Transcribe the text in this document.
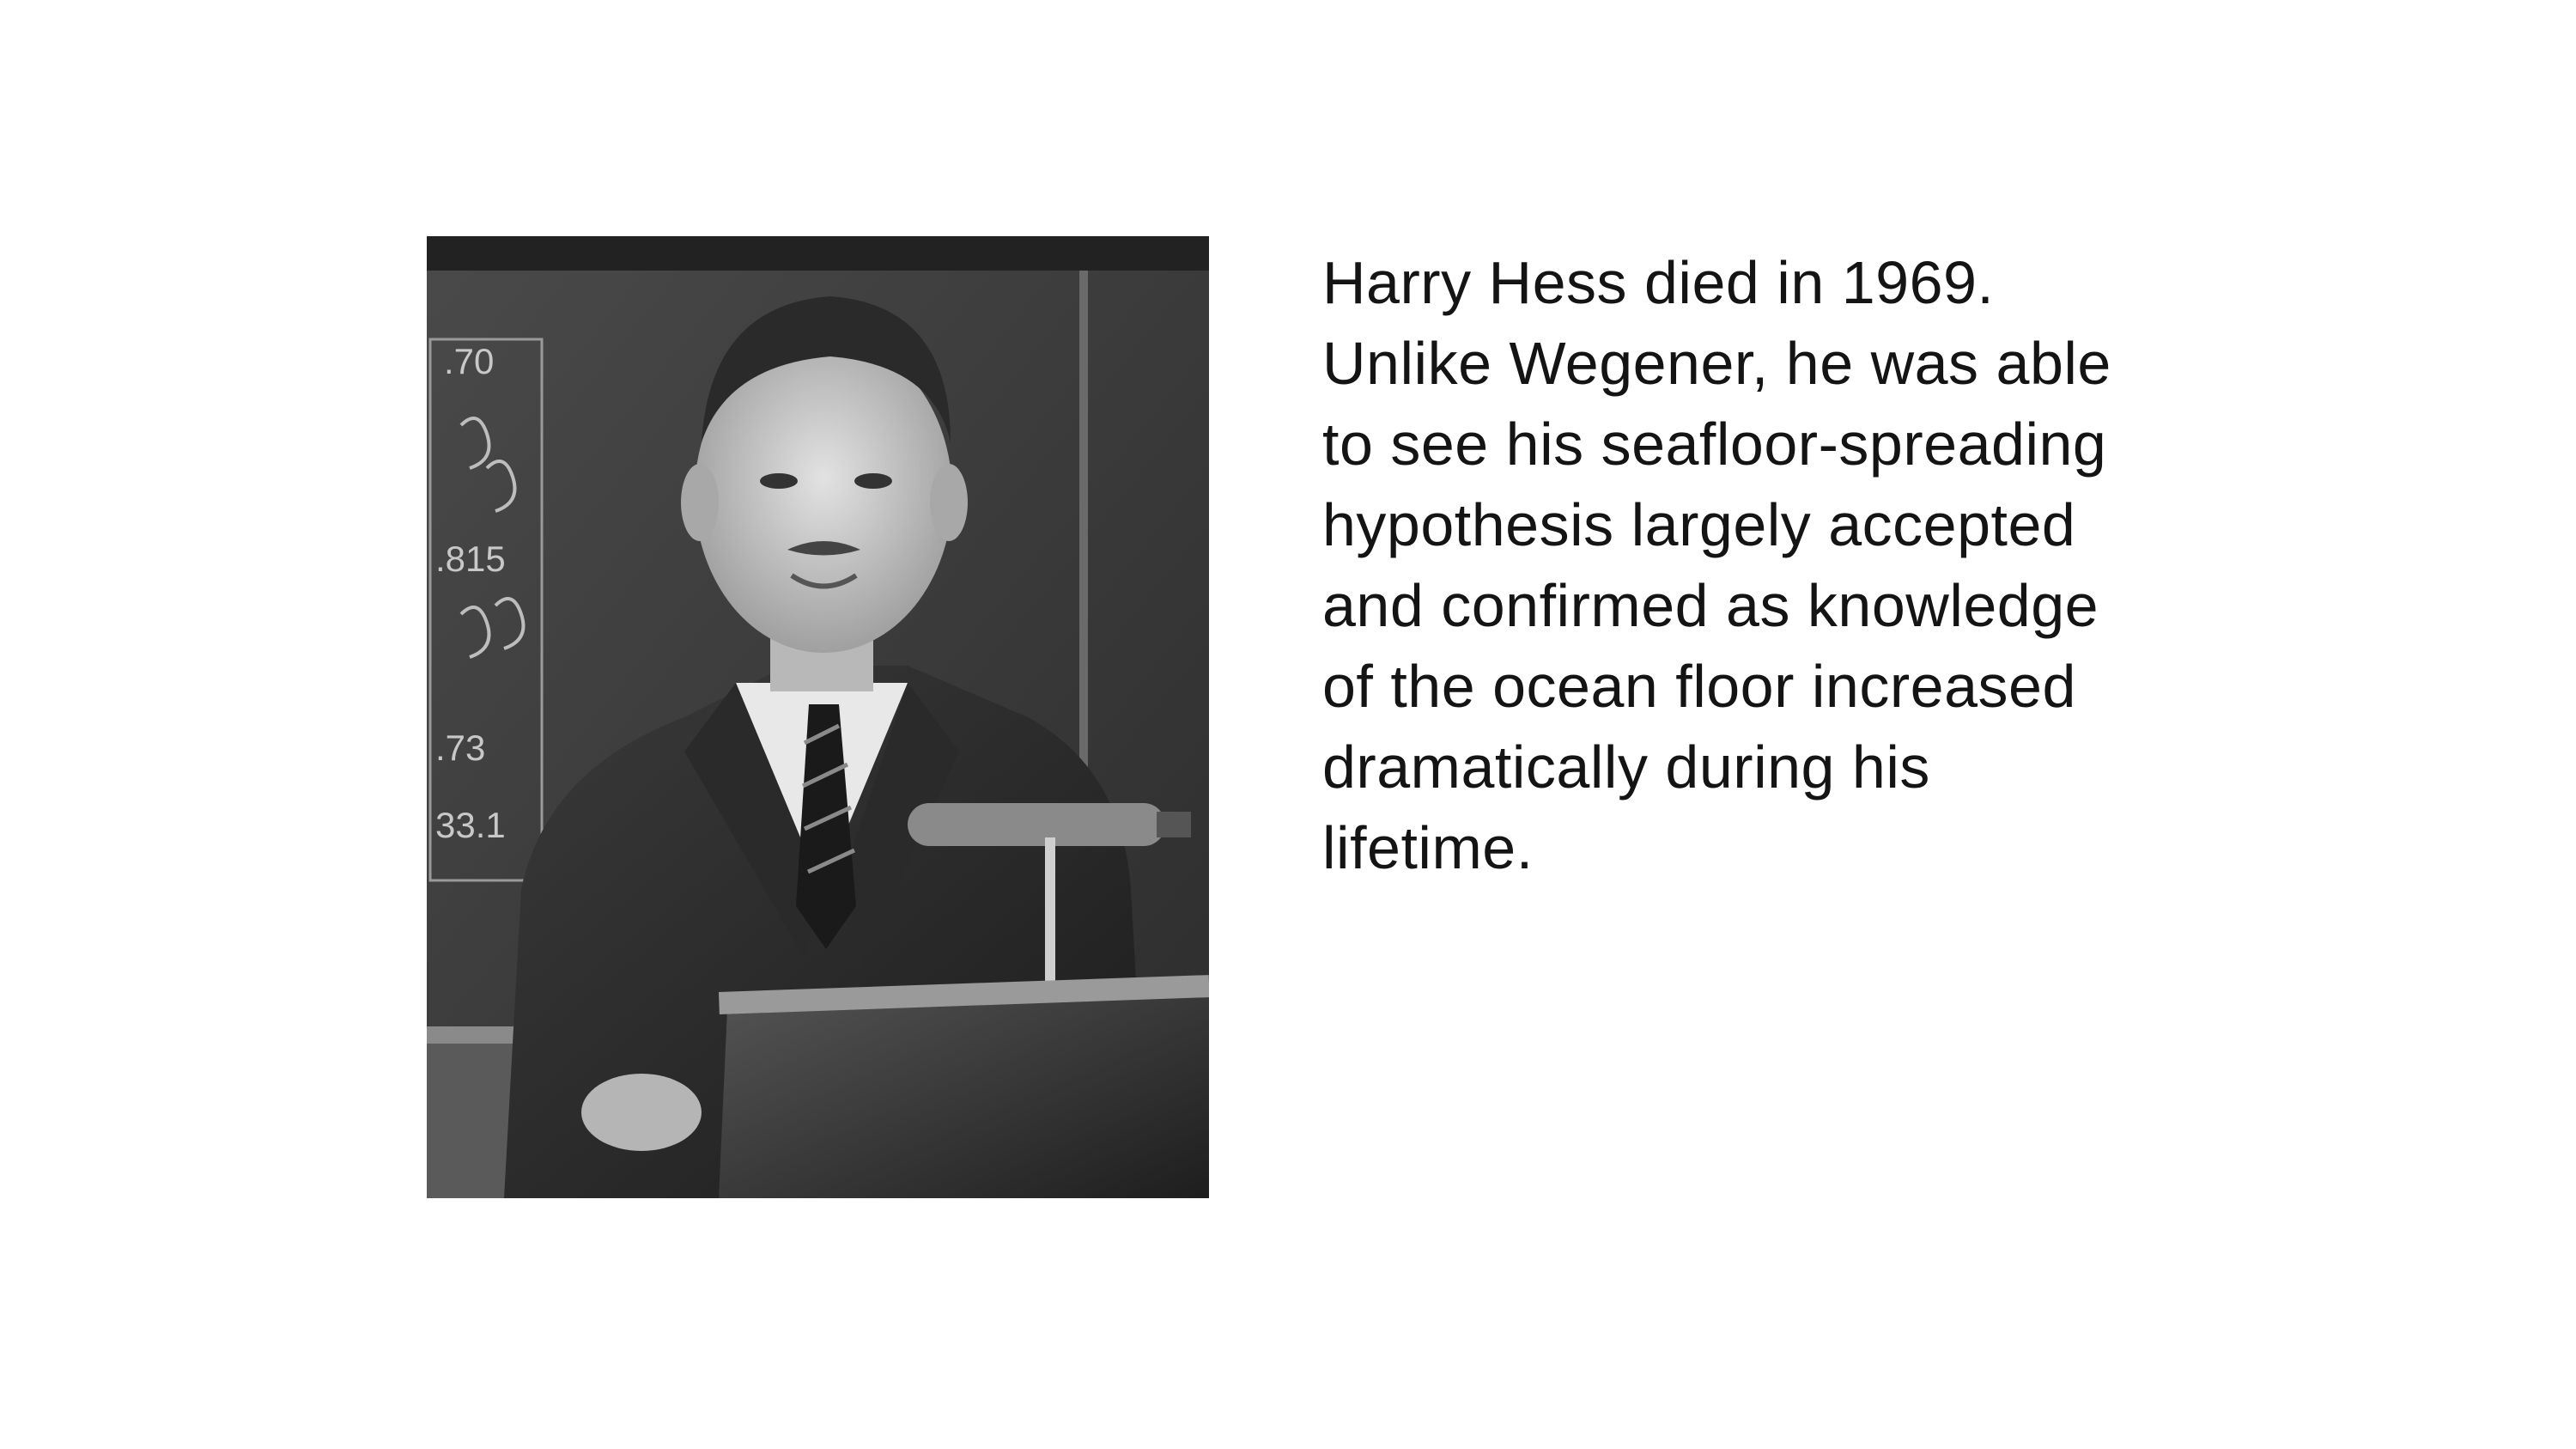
.70
.815
.73
33.1
Harry Hess died in 1969.
Unlike Wegener, he was able
to see his seafloor-spreading
hypothesis largely accepted
and confirmed as knowledge
of the ocean floor increased
dramatically during his
lifetime.
